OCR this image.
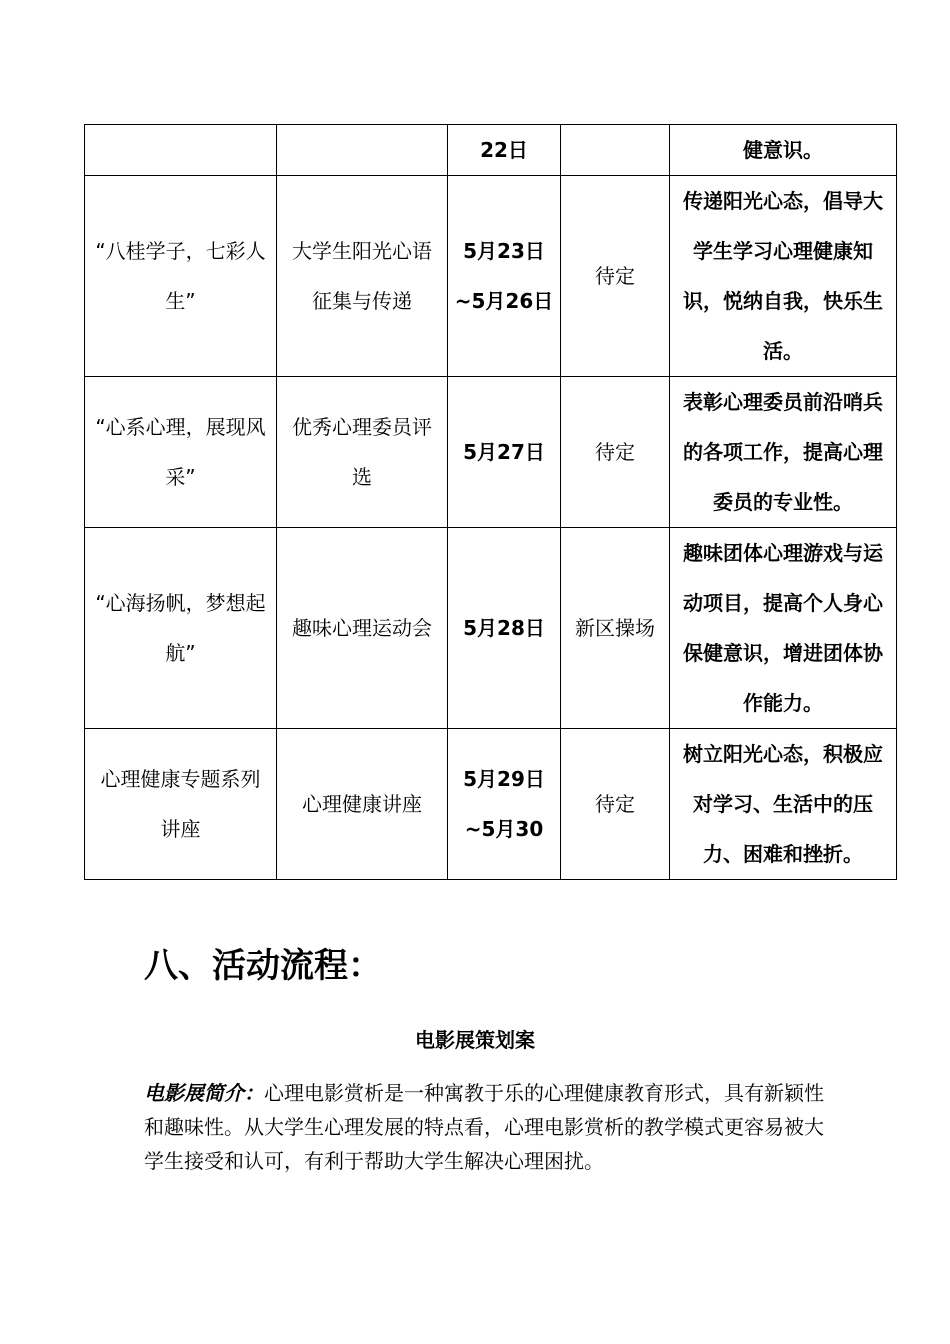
		22日		健意识。
“八桂学子，七彩人生”	大学生阳光心语征集与传递	5月23日~5月26日	待定	传递阳光心态，倡导大学生学习心理健康知识，悦纳自我，快乐生活。
“心系心理，展现风采”	优秀心理委员评选	5月27日	待定	表彰心理委员前沿哨兵的各项工作，提高心理委员的专业性。
“心海扬帆，梦想起航”	趣味心理运动会	5月28日	新区操场	趣味团体心理游戏与运动项目，提高个人身心保健意识，增进团体协作能力。
心理健康专题系列讲座	心理健康讲座	5月29日~5月30	待定	树立阳光心态，积极应对学习、生活中的压力、困难和挫折。
八、活动流程：
电影展策划案
电影展简介：心理电影赏析是一种寓教于乐的心理健康教育形式，具有新颖性和趣味性。从大学生心理发展的特点看，心理电影赏析的教学模式更容易被大学生接受和认可，有利于帮助大学生解决心理困扰。
